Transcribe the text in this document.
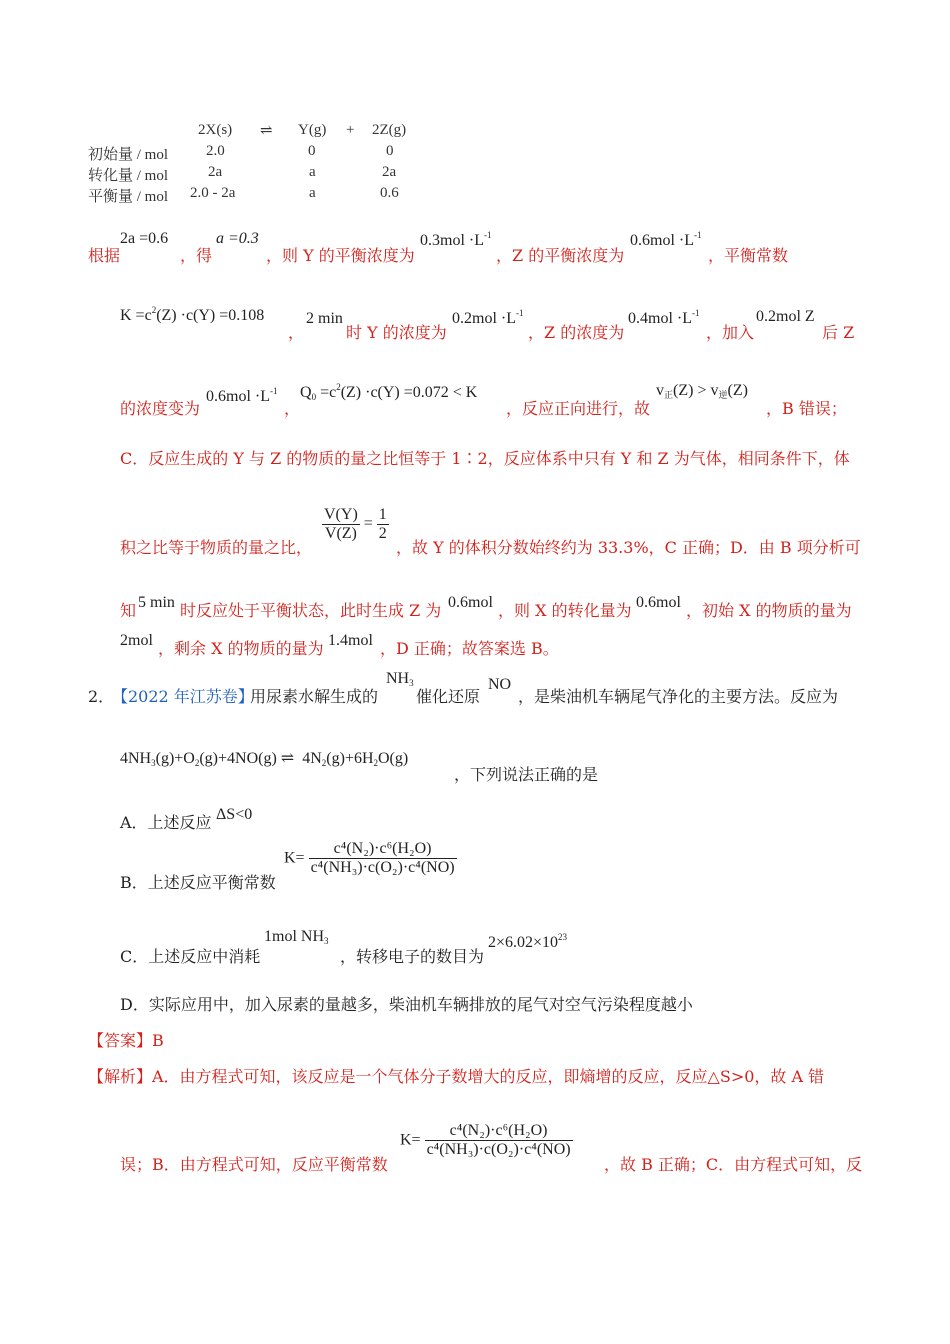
2X(s) ⇌ Y(g) + 2Z(g)
初始量 / mol	2.0	0	0
转化量 / mol	2a	a	2a
平衡量 / mol 2.0 - 2a	a	0.6
根据
2a =0.6
，得
a =0.3
，则 Y 的平衡浓度为
$0.3mol \cdot L^{-1}$
，Z 的平衡浓度为
$0.6mol \cdot L^{-1}$
，平衡常数
$K =c^2(Z) \cdot c(Y) =0.108$
，
2 min
时 Y 的浓度为
$0.2mol \cdot L^{-1}$
，Z 的浓度为
$0.4mol \cdot L^{-1}$
，加入
0.2mol Z
后 Z
的浓度变为
$0.6mol \cdot L^{-1}$
，
$Q_0 =c^2(Z) \cdot c(Y) =0.072 < K$
，反应正向进行，故
$v_正(Z) > v_逆(Z)$
，B 错误；
C．反应生成的 Y 与 Z 的物质的量之比恒等于 1∶2，反应体系中只有 Y 和 Z 为气体，相同条件下，体
积之比等于物质的量之比，
$\frac{V(Y)}{V(Z)} = \frac{1}{2}$
，故 Y 的体积分数始终约为 33.3%，C 正确；D．由 B 项分析可
知 5 min 时反应处于平衡状态，此时生成 Z 为 0.6mol ，则 X 的转化量为 0.6mol ，初始 X 的物质的量为
2mol ，剩余 X 的物质的量为 1.4mol ，D 正确；故答案选 B。
2．
【2022 年江苏卷】
用尿素水解生成的
$NH_3$
催化还原
NO
，是柴油机车辆尾气净化的主要方法。反应为
$4NH_3(g)+O_2(g)+4NO(g)$ ⇌ $4N_2(g)+6H_2O(g)$
，下列说法正确的是
A．上述反应 ΔS<0
B．上述反应平衡常数
$K= \frac{\text{c⁴(N₂)·c⁶(H₂O)}}{\text{c⁴(NH₃)·c(O₂)·c⁴(NO)}}$
C．上述反应中消耗
1mol $NH_3$
，转移电子的数目为
$2\times 6.02\times 10^{23}$
D．实际应用中，加入尿素的量越多，柴油机车辆排放的尾气对空气污染程度越小
【答案】B
【解析】 A．由方程式可知，该反应是一个气体分子数增大的反应，即熵增的反应，反应△S>0，故 A 错
误；B．由方程式可知，反应平衡常数
$K= \frac{\text{c⁴(N₂)·c⁶(H₂O)}}{\text{c⁴(NH₃)·c(O₂)·c⁴(NO)}}$
，故 B 正确；C．由方程式可知，反
